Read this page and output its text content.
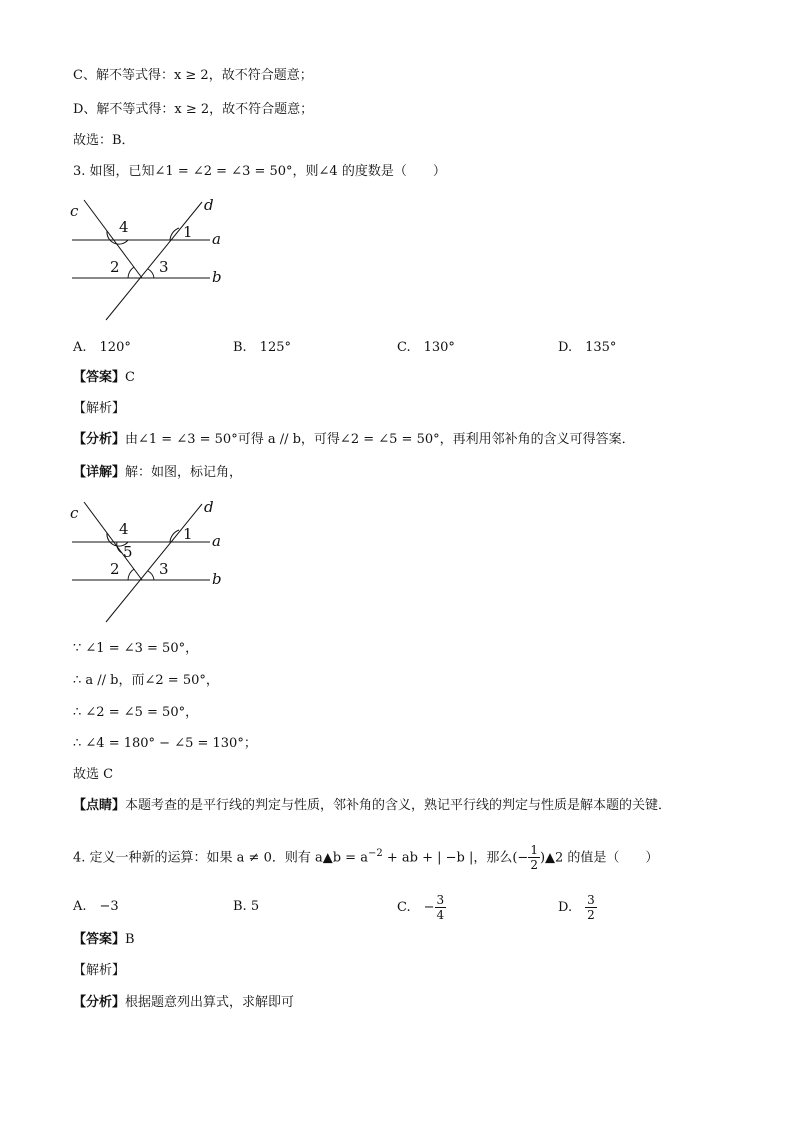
C、解不等式得：x ≥ 2，故不符合题意；
D、解不等式得：x ≥ 2，故不符合题意；
故选：B．
3. 如图，已知∠1 = ∠2 = ∠3 = 50°，则∠4 的度数是（　　）
c	d
a
b
4	1
2	3
A.　120°	B.　125°	C.　130°	D.　135°
【答案】C
【解析】
【分析】由∠1 = ∠3 = 50°可得 a // b，可得∠2 = ∠5 = 50°，再利用邻补角的含义可得答案．
【详解】解：如图，标记角，
c	d
a
b
4
5
1
2	3
∵ ∠1 = ∠3 = 50°，
∴ a // b，而∠2 = 50°，
∴ ∠2 = ∠5 = 50°，
∴ ∠4 = 180° − ∠5 = 130°；
故选 C
【点睛】本题考查的是平行线的判定与性质，邻补角的含义，熟记平行线的判定与性质是解本题的关键．
4. 定义一种新的运算：如果 a ≠ 0．则有 a▲b = $a^{-2}$ + ab + | −b |，那么(− $\frac{1}{2}$ )▲2 的值是（　　）
A.　−3	B. 5	C.　− $\frac{3}{4}$	D.　 $\frac{3}{2}$
【答案】B
【解析】
【分析】根据题意列出算式，求解即可
